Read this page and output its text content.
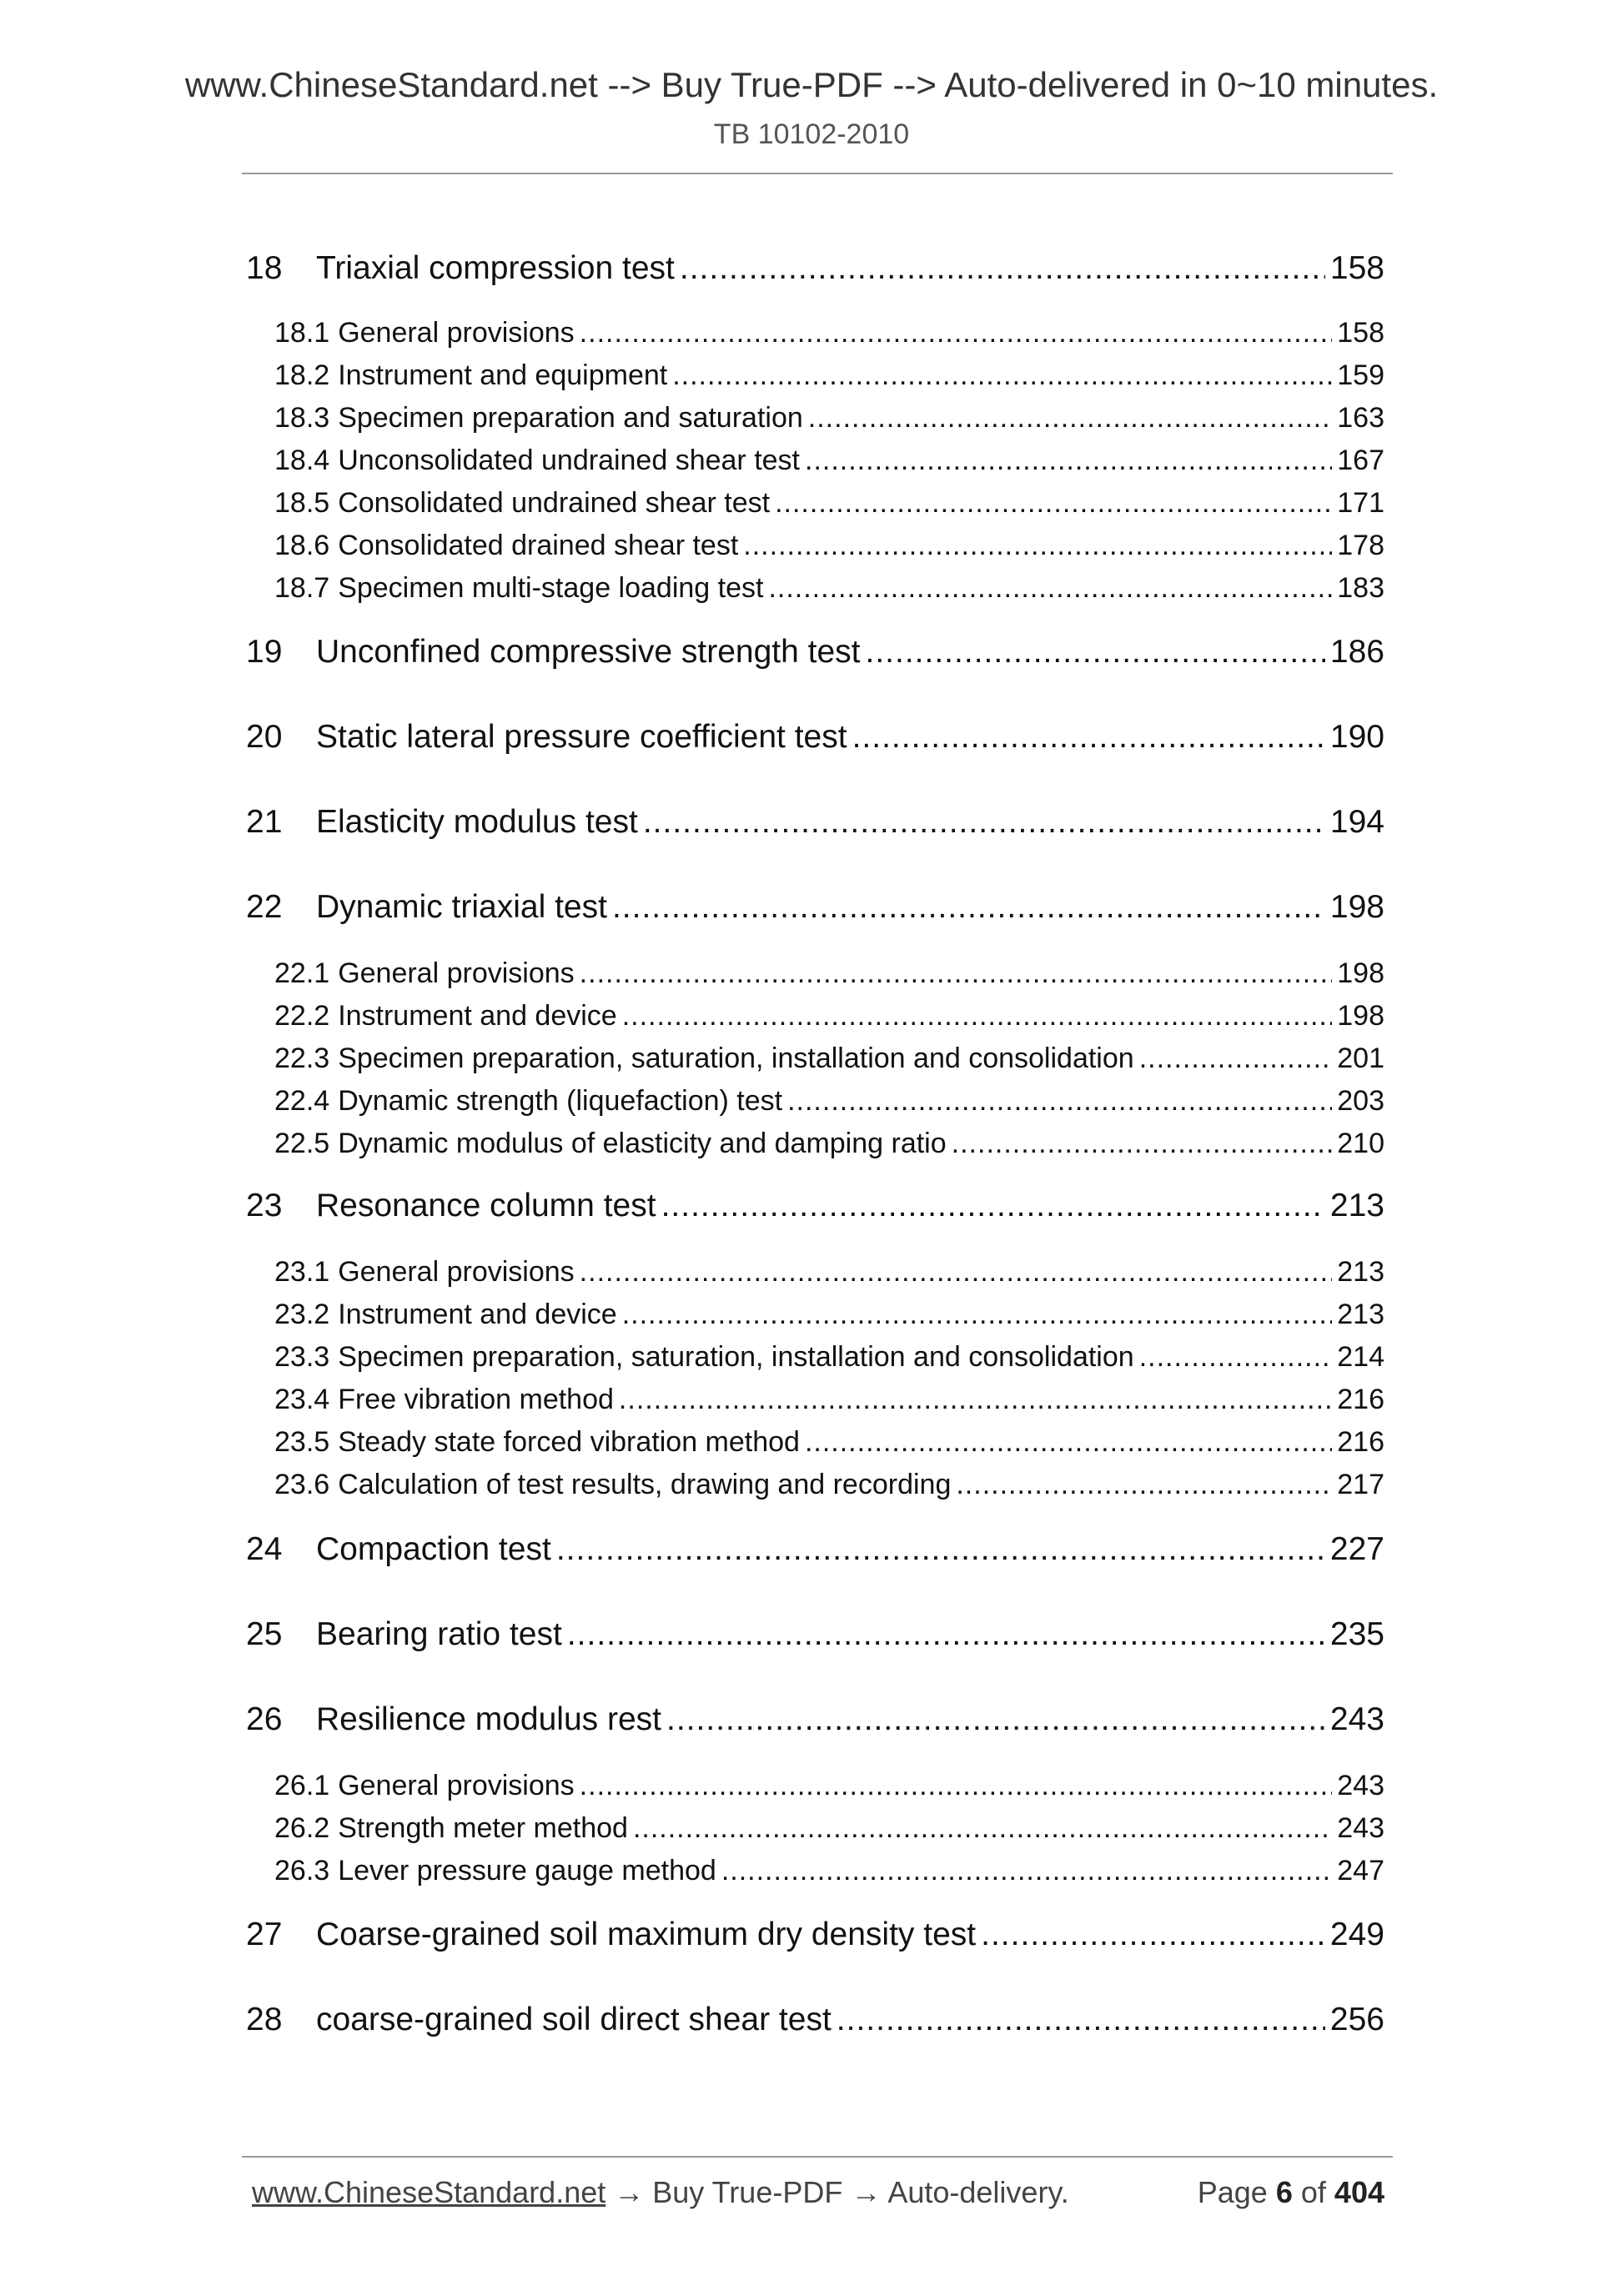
www.ChineseStandard.net --> Buy True-PDF --> Auto-delivered in 0~10 minutes.
TB 10102-2010
18	Triaxial compression test .....	158
18.1 General provisions .....	158
18.2 Instrument and equipment .....	159
18.3 Specimen preparation and saturation .....	163
18.4 Unconsolidated undrained shear test .....	167
18.5 Consolidated undrained shear test .....	171
18.6 Consolidated drained shear test .....	178
18.7 Specimen multi-stage loading test .....	183
19	Unconfined compressive strength test .....	186
20	Static lateral pressure coefficient test .....	190
21	Elasticity modulus test .....	194
22	Dynamic triaxial test .....	198
22.1 General provisions .....	198
22.2 Instrument and device .....	198
22.3 Specimen preparation, saturation, installation and consolidation .....	201
22.4 Dynamic strength (liquefaction) test .....	203
22.5 Dynamic modulus of elasticity and damping ratio .....	210
23	Resonance column test .....	213
23.1 General provisions .....	213
23.2 Instrument and device .....	213
23.3 Specimen preparation, saturation, installation and consolidation .....	214
23.4 Free vibration method .....	216
23.5 Steady state forced vibration method .....	216
23.6 Calculation of test results, drawing and recording .....	217
24	Compaction test .....	227
25	Bearing ratio test .....	235
26	Resilience modulus rest .....	243
26.1 General provisions .....	243
26.2 Strength meter method .....	243
26.3 Lever pressure gauge method .....	247
27	Coarse-grained soil maximum dry density test .....	249
28	coarse-grained soil direct shear test .....	256
www.ChineseStandard.net → Buy True-PDF → Auto-delivery.	Page 6 of 404
